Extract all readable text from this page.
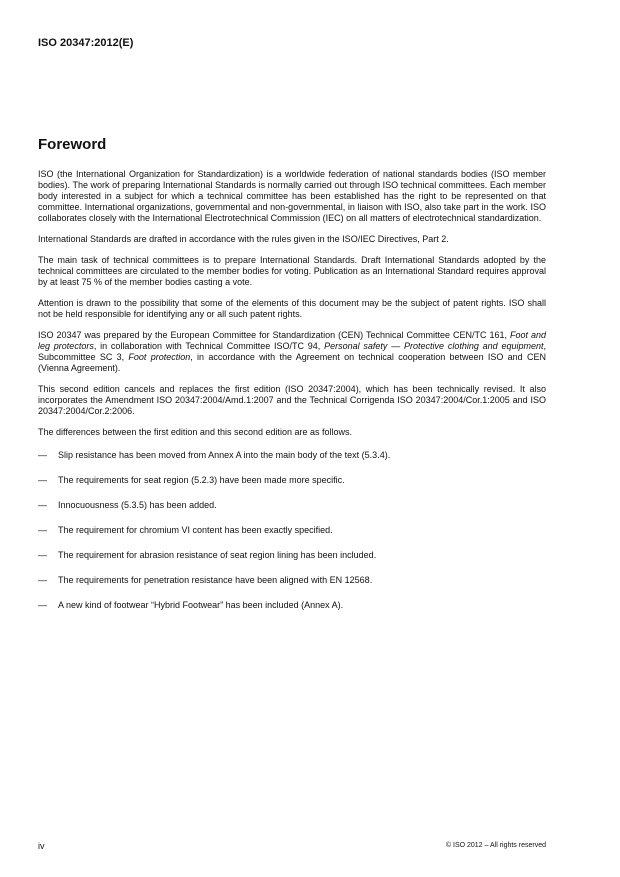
ISO 20347:2012(E)
Foreword

ISO (the International Organization for Standardization) is a worldwide federation of national standards bodies (ISO member bodies). The work of preparing International Standards is normally carried out through ISO technical committees. Each member body interested in a subject for which a technical committee has been established has the right to be represented on that committee. International organizations, governmental and non-governmental, in liaison with ISO, also take part in the work. ISO collaborates closely with the International Electrotechnical Commission (IEC) on all matters of electrotechnical standardization.

International Standards are drafted in accordance with the rules given in the ISO/IEC Directives, Part 2.

The main task of technical committees is to prepare International Standards. Draft International Standards adopted by the technical committees are circulated to the member bodies for voting. Publication as an International Standard requires approval by at least 75 % of the member bodies casting a vote.

Attention is drawn to the possibility that some of the elements of this document may be the subject of patent rights. ISO shall not be held responsible for identifying any or all such patent rights.

ISO 20347 was prepared by the European Committee for Standardization (CEN) Technical Committee CEN/TC 161, Foot and leg protectors, in collaboration with Technical Committee ISO/TC 94, Personal safety — Protective clothing and equipment, Subcommittee SC 3, Foot protection, in accordance with the Agreement on technical cooperation between ISO and CEN (Vienna Agreement).

This second edition cancels and replaces the first edition (ISO 20347:2004), which has been technically revised. It also incorporates the Amendment ISO 20347:2004/Amd.1:2007 and the Technical Corrigenda ISO 20347:2004/Cor.1:2005 and ISO 20347:2004/Cor.2:2006.

The differences between the first edition and this second edition are as follows.

—	Slip resistance has been moved from Annex A into the main body of the text (5.3.4).
—	The requirements for seat region (5.2.3) have been made more specific.
—	Innocuousness (5.3.5) has been added.
—	The requirement for chromium VI content has been exactly specified.
—	The requirement for abrasion resistance of seat region lining has been included.
—	The requirements for penetration resistance have been aligned with EN 12568.
—	A new kind of footwear “Hybrid Footwear” has been included (Annex A).
iv	© ISO 2012 – All rights reserved
